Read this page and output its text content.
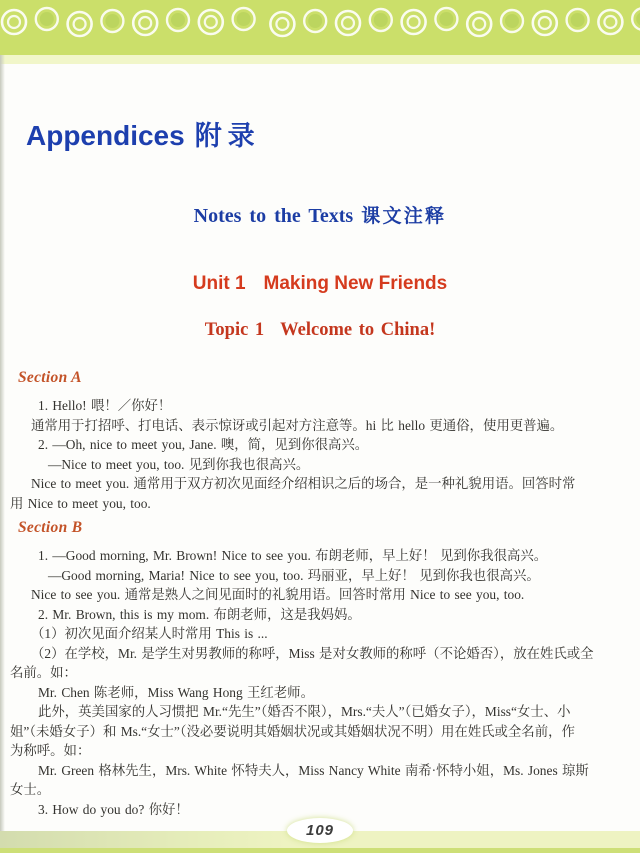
Appendices 附录
Notes to the Texts 课文注释
Unit 1 Making New Friends
Topic 1 Welcome to China!
Section A
1. Hello! 喂！／你好！
通常用于打招呼、打电话、表示惊讶或引起对方注意等。hi 比 hello 更通俗，使用更普遍。
2. —Oh, nice to meet you, Jane. 噢，简，见到你很高兴。
—Nice to meet you, too. 见到你我也很高兴。
Nice to meet you. 通常用于双方初次见面经介绍相识之后的场合，是一种礼貌用语。回答时常
用 Nice to meet you, too.
Section B
1. —Good morning, Mr. Brown! Nice to see you. 布朗老师，早上好！ 见到你我很高兴。
—Good morning, Maria! Nice to see you, too. 玛丽亚，早上好！ 见到你我也很高兴。
Nice to see you. 通常是熟人之间见面时的礼貌用语。回答时常用 Nice to see you, too.
2. Mr. Brown, this is my mom. 布朗老师，这是我妈妈。
（1）初次见面介绍某人时常用 This is ...
（2）在学校，Mr. 是学生对男教师的称呼，Miss 是对女教师的称呼（不论婚否），放在姓氏或全
名前。如：
Mr. Chen 陈老师，Miss Wang Hong 王红老师。
此外，英美国家的人习惯把 Mr.“先生”（婚否不限），Mrs.“夫人”（已婚女子），Miss“女士、小
姐”（未婚女子）和 Ms.“女士”（没必要说明其婚姻状况或其婚姻状况不明）用在姓氏或全名前，作
为称呼。如：
Mr. Green 格林先生，Mrs. White 怀特夫人，Miss Nancy White 南希·怀特小姐，Ms. Jones 琼斯
女士。
3. How do you do? 你好！
109
